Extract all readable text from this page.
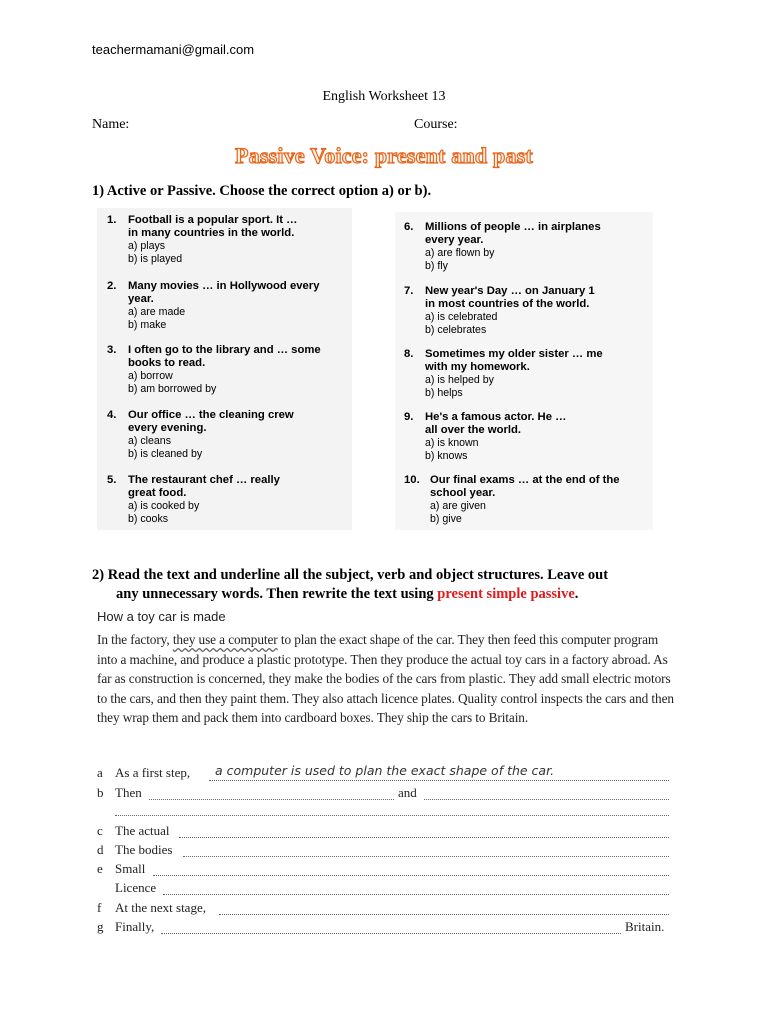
teachermamani@gmail.com
English Worksheet 13
Name:	Course:
Passive Voice: present and past
1) Active or Passive. Choose the correct option a) or b).
1. Football is a popular sport. It …
in many countries in the world.
a) plays
b) is played
2. Many movies … in Hollywood every
year.
a) are made
b) make
3. I often go to the library and … some
books to read.
a) borrow
b) am borrowed by
4. Our office … the cleaning crew
every evening.
a) cleans
b) is cleaned by
5. The restaurant chef … really
great food.
a) is cooked by
b) cooks
6. Millions of people … in airplanes
every year.
a) are flown by
b) fly
7. New year's Day … on January 1
in most countries of the world.
a) is celebrated
b) celebrates
8. Sometimes my older sister … me
with my homework.
a) is helped by
b) helps
9. He's a famous actor. He …
all over the world.
a) is known
b) knows
10. Our final exams … at the end of the
school year.
a) are given
b) give
2) Read the text and underline all the subject, verb and object structures. Leave out
any unnecessary words. Then rewrite the text using present simple passive.
How a toy car is made
In the factory, they use a computer to plan the exact shape of the car. They then feed this computer program into a machine, and produce a plastic prototype. Then they produce the actual toy cars in a factory abroad. As far as construction is concerned, they make the bodies of the cars from plastic. They add small electric motors to the cars, and then they paint them. They also attach licence plates. Quality control inspects the cars and then they wrap them and pack them into cardboard boxes. They ship the cars to Britain.
a As a first step, a computer is used to plan the exact shape of the car.
b Then	and
c The actual
d The bodies
e Small
Licence
f	At the next stage,
g Finally,	Britain.
